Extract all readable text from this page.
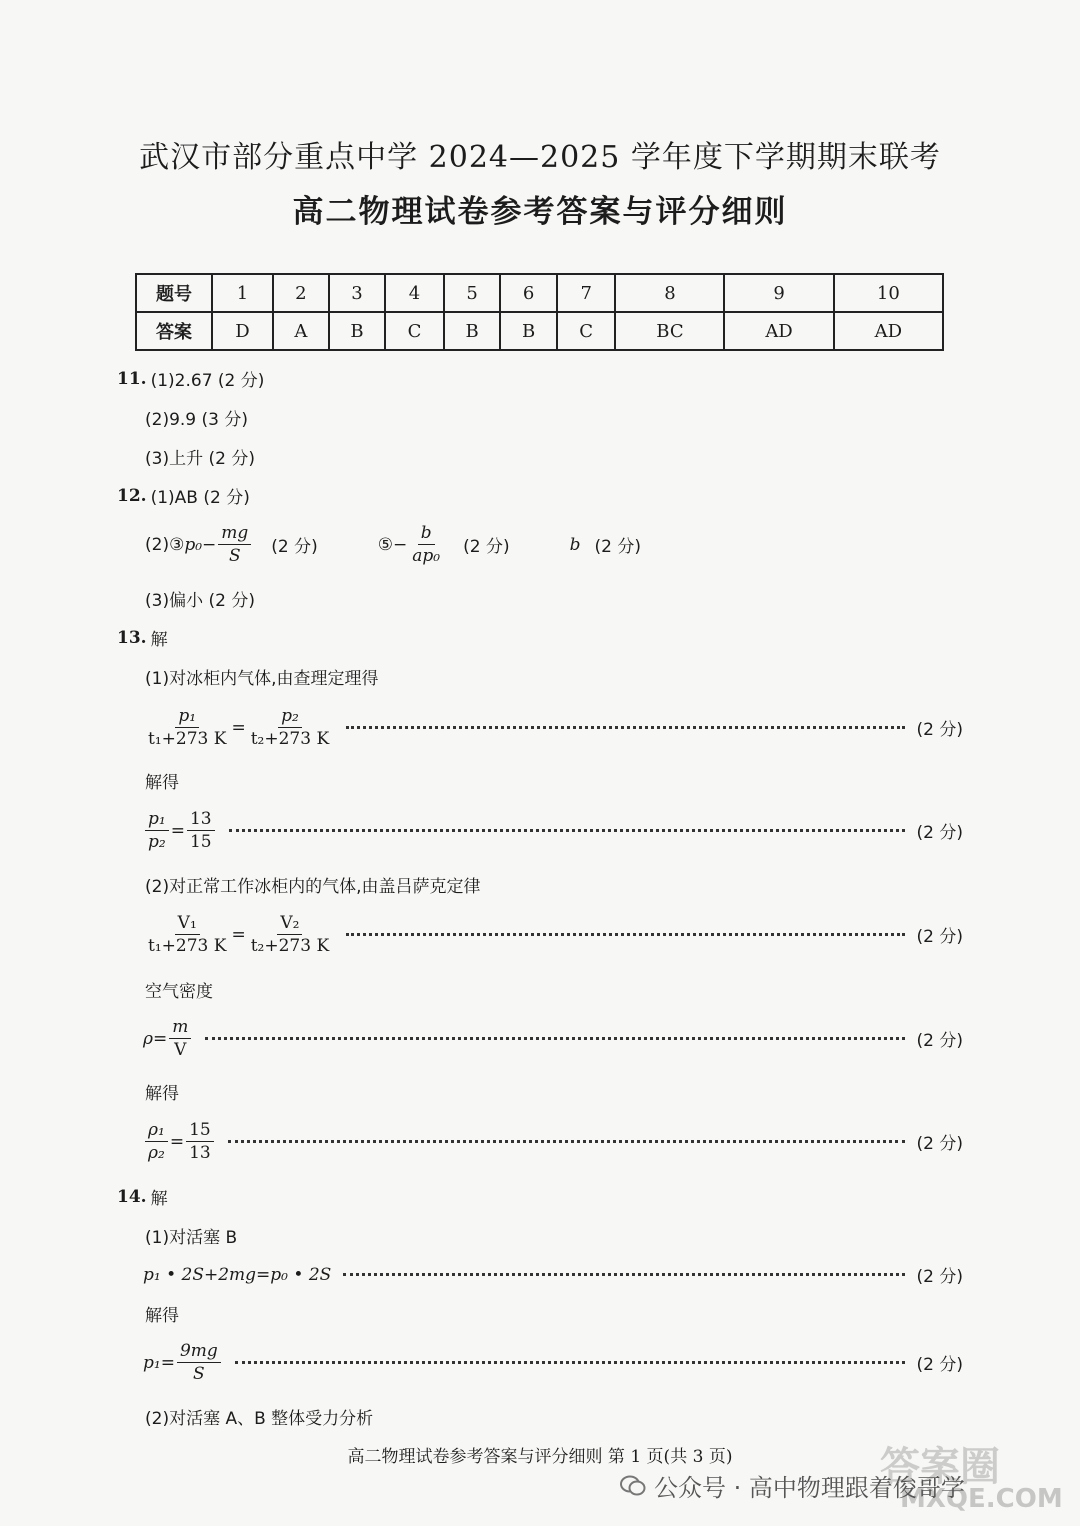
武汉市部分重点中学 2024—2025 学年度下学期期末联考
高二物理试卷参考答案与评分细则
题号	1	2	3	4	5	6	7	8	9	10
答案	D	A	B	C	B	B	C	BC	AD	AD
11. (1)2.67 (2 分)
(2)9.9 (3 分)
(3)上升 (2 分)
12. (1)AB (2 分)
(2)③ $p_0- \frac{mg}{S} (2$ 分)	⑤− $\frac{b}{\text{ap₀}} (2$ 分)	b (2 分)
(3)偏小 (2 分)
13. 解
(1)对冰柜内气体,由查理定理得
$\frac{\text{p₁}}{\text{t₁+273 K}} = \frac{\text{p₂}}{\text{t₂+273 K}}$	(2 分)
解得
$\frac{\text{p₁}}{\text{p₂}} = \frac{13}{15}$	(2 分)
(2)对正常工作冰柜内的气体,由盖吕萨克定律
$\frac{\text{V₁}}{\text{t₁+273 K}} = \frac{\text{V₂}}{\text{t₂+273 K}}$	(2 分)
空气密度
$\rho= \frac{m}{V}$	(2 分)
解得
$\frac{\text{ρ₁}}{\text{ρ₂}} = \frac{15}{13}$	(2 分)
14. 解
(1)对活塞 B
p₁ • 2S+2mg=p₀ • 2S	(2 分)
解得
$p_1= \frac{9mg}{S}$	(2 分)
(2)对活塞 A、B 整体受力分析
高二物理试卷参考答案与评分细则 第 1 页(共 3 页)	答案圈
MXQE.COM
公众号 · 高中物理跟着俊哥学
